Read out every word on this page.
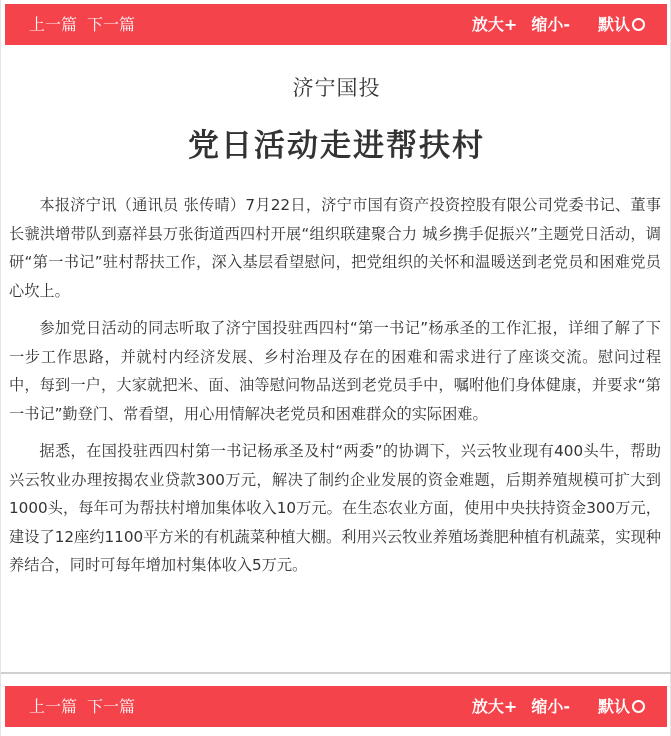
上一篇 下一篇	放大+ 缩小- 默认
济宁国投
党日活动走进帮扶村

本报济宁讯（通讯员 张传晴）7月22日，济宁市国有资产投资控股有限公司党委书记、董事长虢洪增带队到嘉祥县万张街道西四村开展“组织联建聚合力 城乡携手促振兴”主题党日活动，调研“第一书记”驻村帮扶工作，深入基层看望慰问，把党组织的关怀和温暖送到老党员和困难党员心坎上。

参加党日活动的同志听取了济宁国投驻西四村“第一书记”杨承圣的工作汇报，详细了解了下一步工作思路，并就村内经济发展、乡村治理及存在的困难和需求进行了座谈交流。慰问过程中，每到一户，大家就把米、面、油等慰问物品送到老党员手中，嘱咐他们身体健康，并要求“第一书记”勤登门、常看望，用心用情解决老党员和困难群众的实际困难。

据悉，在国投驻西四村第一书记杨承圣及村“两委”的协调下，兴云牧业现有400头牛，帮助兴云牧业办理按揭农业贷款300万元，解决了制约企业发展的资金难题，后期养殖规模可扩大到1000头，每年可为帮扶村增加集体收入10万元。在生态农业方面，使用中央扶持资金300万元，建设了12座约1100平方米的有机蔬菜种植大棚。利用兴云牧业养殖场粪肥种植有机蔬菜，实现种养结合，同时可每年增加村集体收入5万元。

上一篇 下一篇	放大+ 缩小- 默认
